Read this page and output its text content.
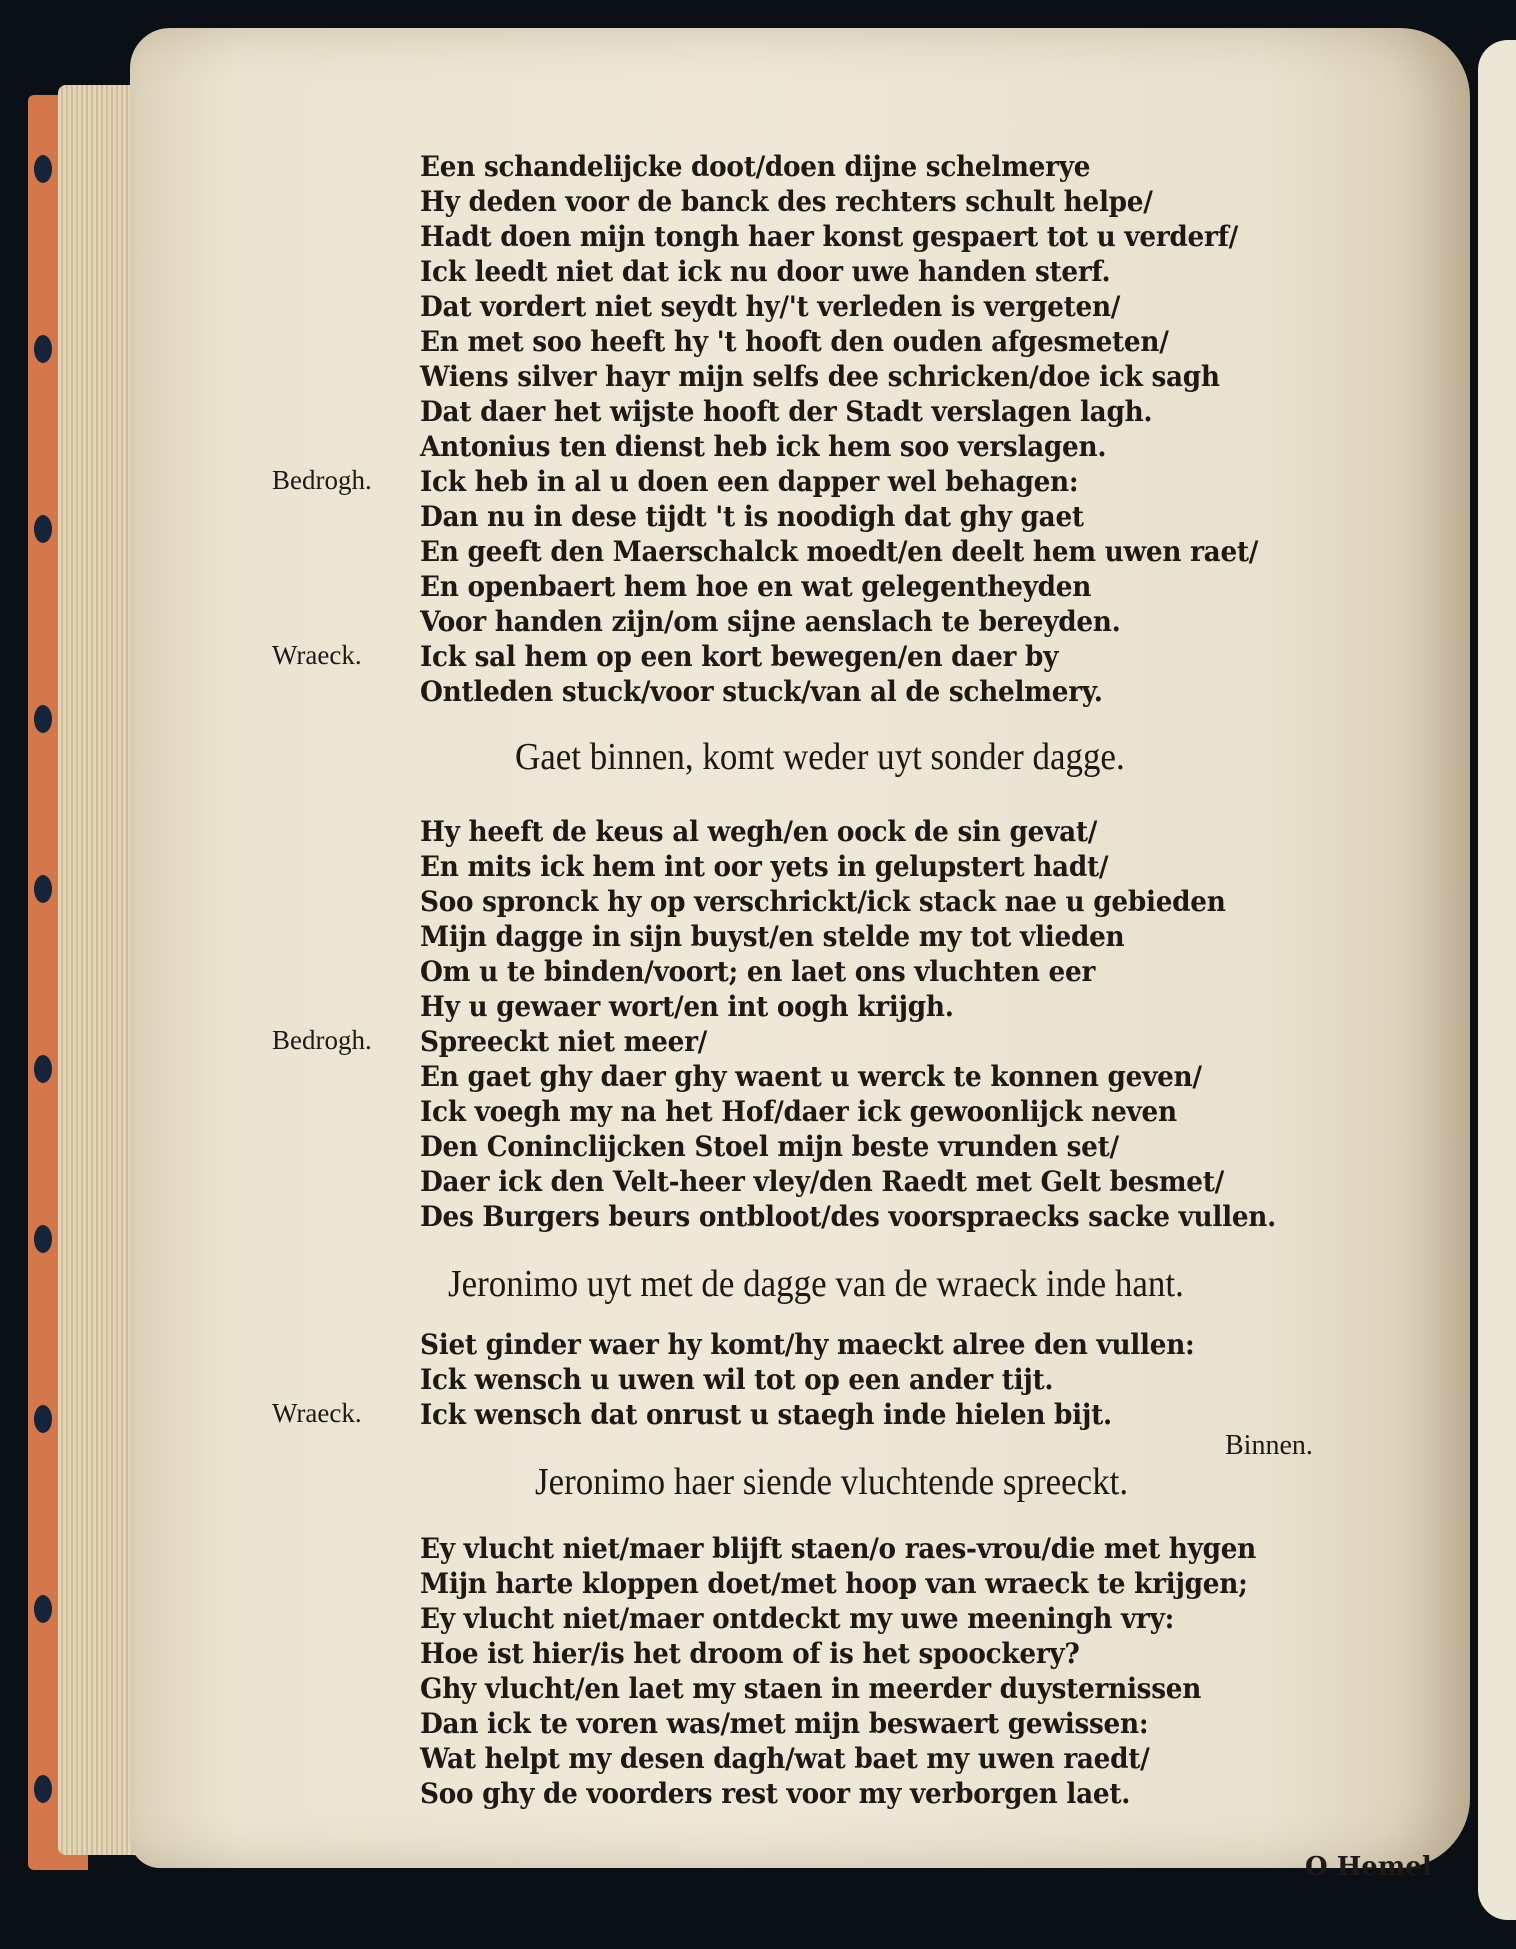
Een schandelijcke doot/doen dijne schelmerye
Hy deden voor de banck des rechters schult helpe/
Hadt doen mijn tongh haer konst gespaert tot u verderf/
Ick leedt niet dat ick nu door uwe handen sterf.
Dat vordert niet seydt hy/'t verleden is vergeten/
En met soo heeft hy 't hooft den ouden afgesmeten/
Wiens silver hayr mijn selfs dee schricken/doe ick sagh
Dat daer het wijste hooft der Stadt verslagen lagh.
Antonius ten dienst heb ick hem soo verslagen.
Bedrogh. Ick heb in al u doen een dapper wel behagen:
Dan nu in dese tijdt 't is noodigh dat ghy gaet
En geeft den Maerschalck moedt/en deelt hem uwen raet/
En openbaert hem hoe en wat gelegentheyden
Voor handen zijn/om sijne aenslach te bereyden.
Wraeck. Ick sal hem op een kort bewegen/en daer by
Ontleden stuck/voor stuck/van al de schelmery.
Gaet binnen, komt weder uyt sonder dagge.
Hy heeft de keus al wegh/en oock de sin gevat/
En mits ick hem int oor yets in gelupstert hadt/
Soo spronck hy op verschrickt/ick stack nae u gebieden
Mijn dagge in sijn buyst/en stelde my tot vlieden
Om u te binden/voort; en laet ons vluchten eer
Hy u gewaer wort/en int oogh krijgh.
Bedrogh. Spreeckt niet meer/
En gaet ghy daer ghy waent u werck te konnen geven/
Ick voegh my na het Hof/daer ick gewoonlijck neven
Den Coninclijcken Stoel mijn beste vrunden set/
Daer ick den Velt-heer vley/den Raedt met Gelt besmet/
Des Burgers beurs ontbloot/des voorspraecks sacke vullen.
Jeronimo uyt met de dagge van de wraeck inde hant.
Siet ginder waer hy komt/hy maeckt alree den vullen:
Ick wensch u uwen wil tot op een ander tijt.
Wraeck. Ick wensch dat onrust u staegh inde hielen bijt.
Binnen.
Jeronimo haer siende vluchtende spreeckt.
Ey vlucht niet/maer blijft staen/o raes-vrou/die met hygen
Mijn harte kloppen doet/met hoop van wraeck te krijgen;
Ey vlucht niet/maer ontdeckt my uwe meeningh vry:
Hoe ist hier/is het droom of is het spoockery?
Ghy vlucht/en laet my staen in meerder duysternissen
Dan ick te voren was/met mijn beswaert gewissen:
Wat helpt my desen dagh/wat baet my uwen raedt/
Soo ghy de voorders rest voor my verborgen laet.
O Hemel
